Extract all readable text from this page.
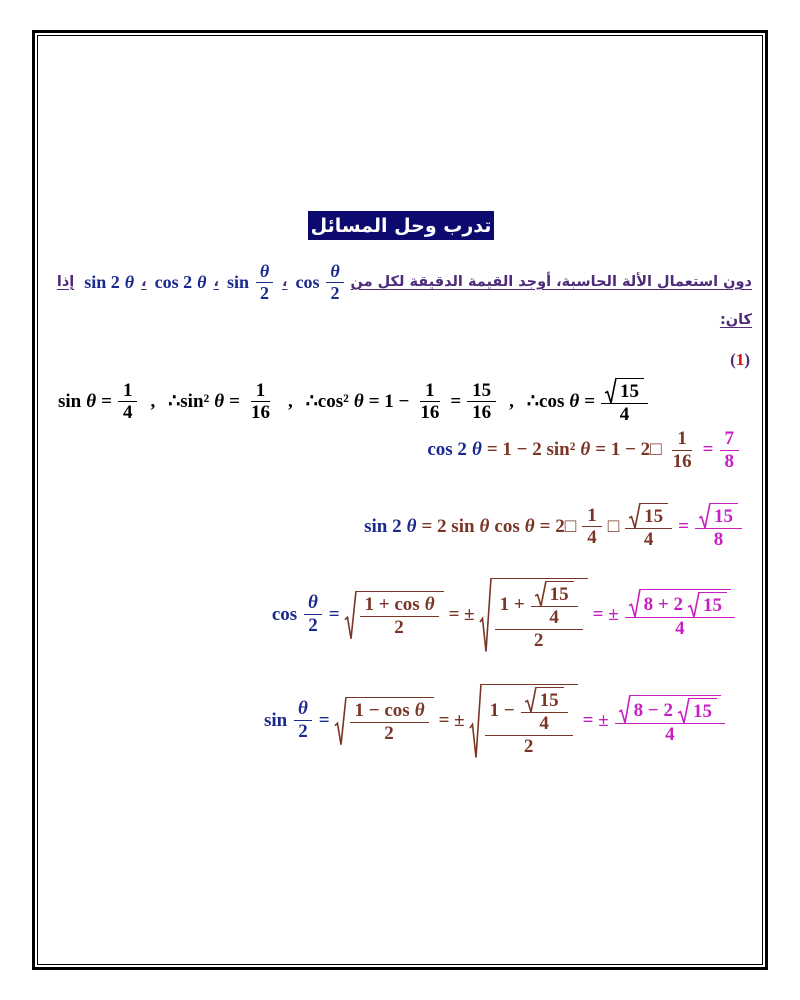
تدرب وحل المسائل
دون استعمال الألة الحاسبة، أوجد القيمة الدقيقة لكل من
$\cos \frac{\theta}{2}$
،
$\sin \frac{\theta}{2}$
،
cos 2 θ
،
sin 2 θ
إذا
كان:
(1)
$\sin \theta = \frac{1}{4}$ , ∴sin² $\theta = \frac{1}{16}$ , ∴cos² $\theta = 1 - \frac{1}{16} = \frac{15}{16}$ , ∴cos $\theta = \frac{15}{4}$
cos 2 θ = 1 − 2 sin² θ = 1 − 2□ $\frac{1}{16} = \frac{7}{8}$
sin 2 θ = 2 sin θ cos θ = 2□ $\frac{1}{4}$ □ $\frac{15}{4} = \frac{15}{8}$
$\cos \frac{\theta}{2} = \frac{\text{1 + cos θ}}{2}$ = ± $\frac{1 + \frac{15}{4}}{2}$ = ± $\frac{8 + 2 15}{4}$
$\sin \frac{\theta}{2} = \frac{\text{1 − cos θ}}{2}$ = ± $\frac{1 - \frac{15}{4}}{2}$ = ± $\frac{8 - 2 15}{4}$
